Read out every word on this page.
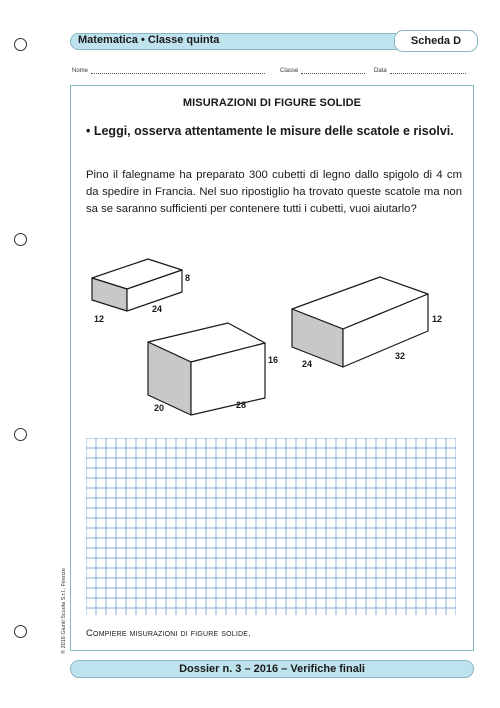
Matematica • Classe quinta	Scheda D
Nome	Classe	Data
MISURAZIONI DI FIGURE SOLIDE
• Leggi, osserva attentamente le misure delle scatole e risolvi.
Pino il falegname ha preparato 300 cubetti di legno dallo spigolo di 4 cm da spedire in Francia. Nel suo ripostiglio ha trovato queste scatole ma non sa se saranno sufficienti per contenere tutti i cubetti, vuoi aiutarlo?
8
24
12
16
20	28
12
24
32
Compiere misurazioni di figure solide.
Dossier n. 3 – 2016 – Verifiche finali
© 2016 Giunti Scuola S.r.l., Firenze
